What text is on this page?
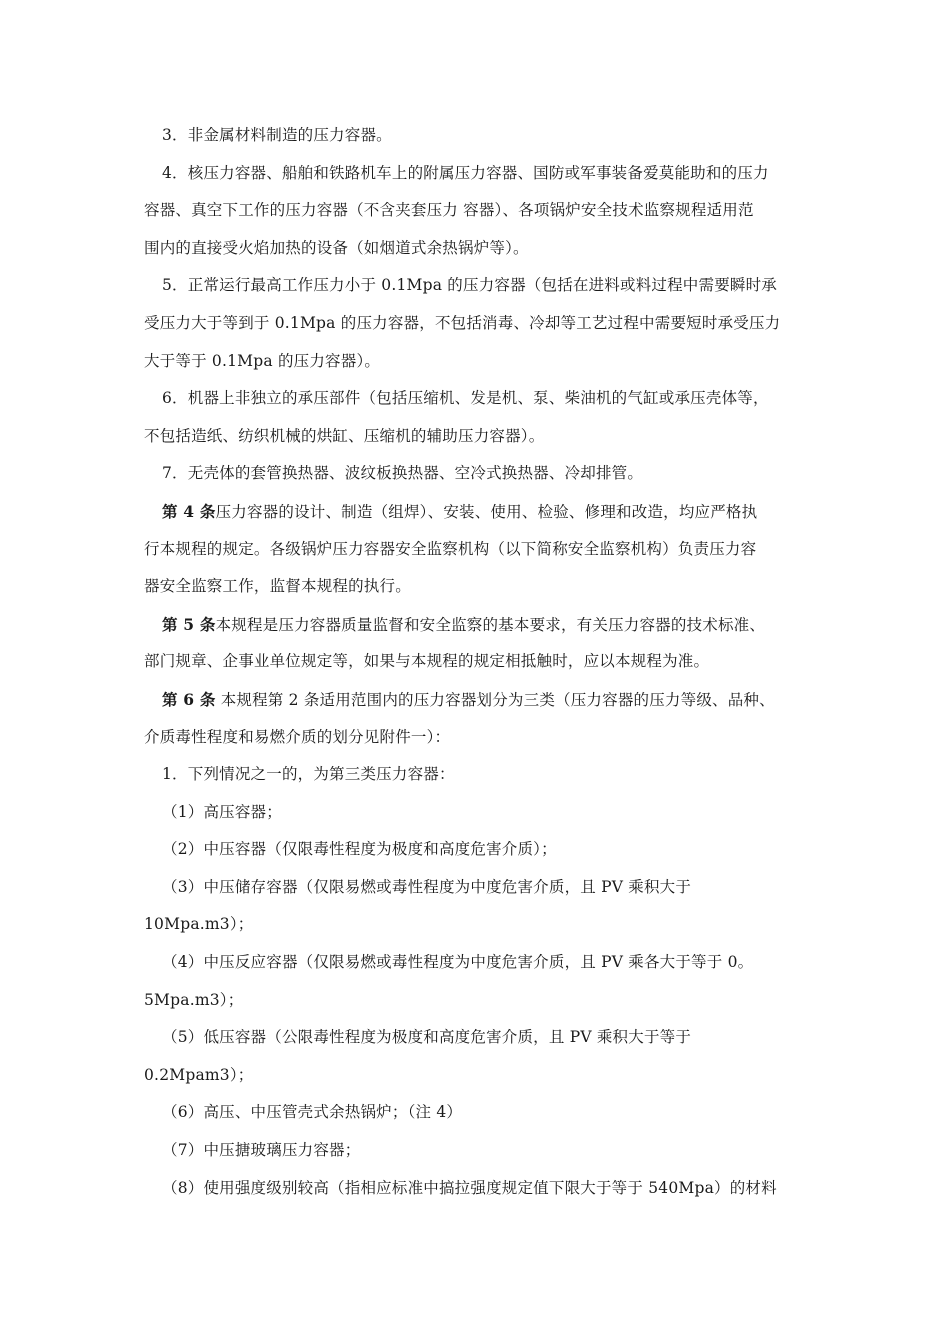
3．非金属材料制造的压力容器。
4．核压力容器、船舶和铁路机车上的附属压力容器、国防或军事装备爱莫能助和的压力
容器、真空下工作的压力容器（不含夹套压力 容器）、各项锅炉安全技术监察规程适用范
围内的直接受火焰加热的设备（如烟道式余热锅炉等）。
5．正常运行最高工作压力小于 0.1Mpa 的压力容器（包括在进料或料过程中需要瞬时承
受压力大于等到于 0.1Mpa 的压力容器，不包括消毒、冷却等工艺过程中需要短时承受压力
大于等于 0.1Mpa 的压力容器）。
6．机器上非独立的承压部件（包括压缩机、发是机、泵、柴油机的气缸或承压壳体等，
不包括造纸、纺织机械的烘缸、压缩机的辅助压力容器）。
7．无壳体的套管换热器、波纹板换热器、空冷式换热器、冷却排管。
第 4 条压力容器的设计、制造（组焊）、安装、使用、检验、修理和改造，均应严格执
行本规程的规定。各级锅炉压力容器安全监察机构（以下简称安全监察机构）负责压力容
器安全监察工作，监督本规程的执行。
第 5 条本规程是压力容器质量监督和安全监察的基本要求，有关压力容器的技术标准、
部门规章、企事业单位规定等，如果与本规程的规定相抵触时，应以本规程为准。
第 6 条 本规程第 2 条适用范围内的压力容器划分为三类（压力容器的压力等级、品种、
介质毒性程度和易燃介质的划分见附件一）：
1．下列情况之一的，为第三类压力容器：
（1）高压容器；
（2）中压容器（仅限毒性程度为极度和高度危害介质）；
（3）中压储存容器（仅限易燃或毒性程度为中度危害介质，且 PV 乘积大于
10Mpa.m3）；
（4）中压反应容器（仅限易燃或毒性程度为中度危害介质，且 PV 乘各大于等于 0。
5Mpa.m3）；
（5）低压容器（公限毒性程度为极度和高度危害介质，且 PV 乘积大于等于
0.2Mpam3）；
（6）高压、中压管壳式余热锅炉；（注 4）
（7）中压搪玻璃压力容器；
（8）使用强度级别较高（指相应标准中搞拉强度规定值下限大于等于 540Mpa）的材料
